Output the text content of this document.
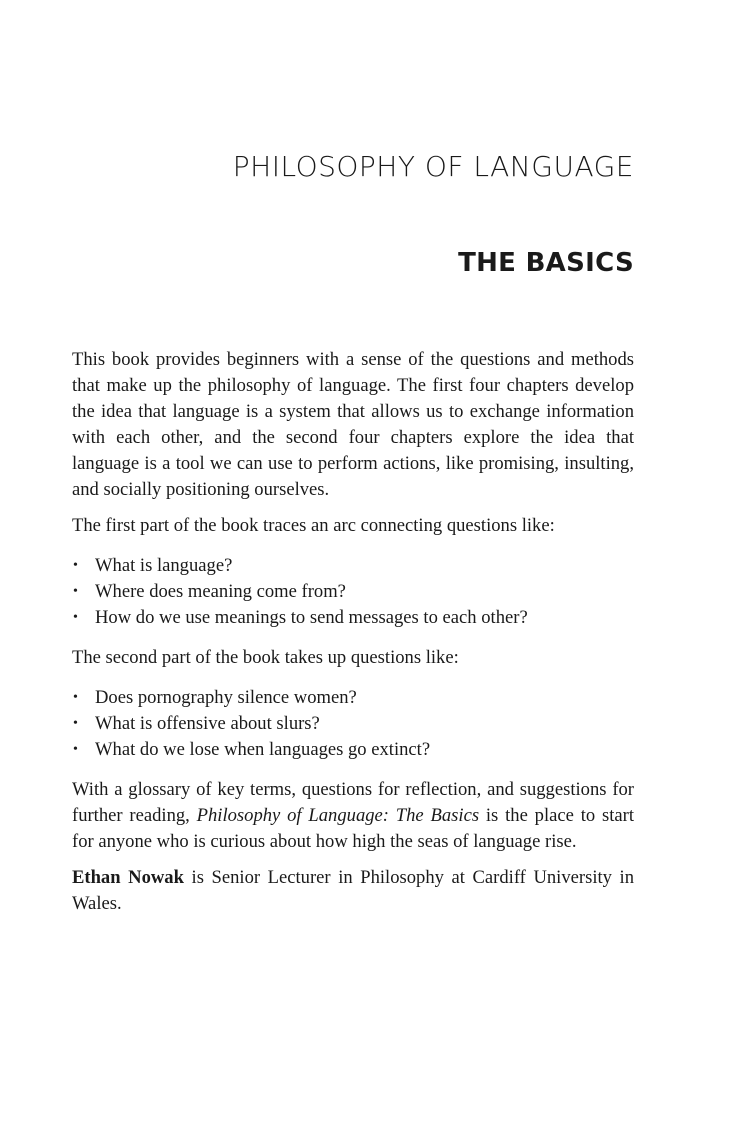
PHILOSOPHY OF LANGUAGE
THE BASICS

This book provides beginners with a sense of the questions and methods that make up the philosophy of language. The first four chapters develop the idea that language is a system that allows us to exchange information with each other, and the second four chapters explore the idea that language is a tool we can use to perform actions, like promising, insulting, and socially positioning ourselves.

The first part of the book traces an arc connecting questions like:

• What is language?
• Where does meaning come from?
• How do we use meanings to send messages to each other?

The second part of the book takes up questions like:

• Does pornography silence women?
• What is offensive about slurs?
• What do we lose when languages go extinct?

With a glossary of key terms, questions for reflection, and suggestions for further reading, Philosophy of Language: The Basics is the place to start for anyone who is curious about how high the seas of language rise.

Ethan Nowak is Senior Lecturer in Philosophy at Cardiff University in Wales.
